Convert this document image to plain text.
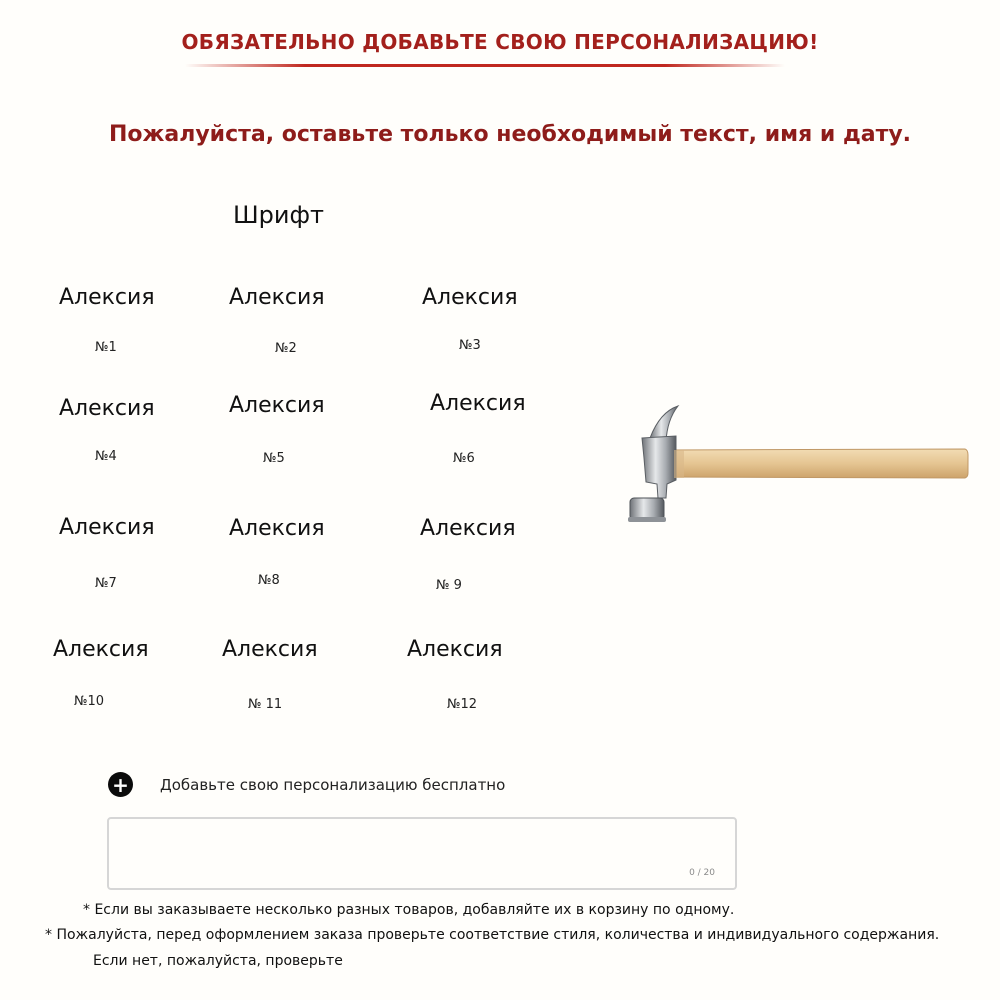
ОБЯЗАТЕЛЬНО ДОБАВЬТЕ СВОЮ ПЕРСОНАЛИЗАЦИЮ!
Пожалуйста, оставьте только необходимый текст, имя и дату.
Шрифт
Алексия
№1
Алексия
№2
Алексия
№3
Алексия
№4
Алексия
№5
Алексия
№6
Алексия
№7
Алексия
№8
Алексия
№ 9
Алексия
№10
Алексия
№ 11
Алексия
№12
+ Добавьте свою персонализацию бесплатно
0 / 20
* Если вы заказываете несколько разных товаров, добавляйте их в корзину по одному.
* Пожалуйста, перед оформлением заказа проверьте соответствие стиля, количества и индивидуального содержания.
Если нет, пожалуйста, проверьте
